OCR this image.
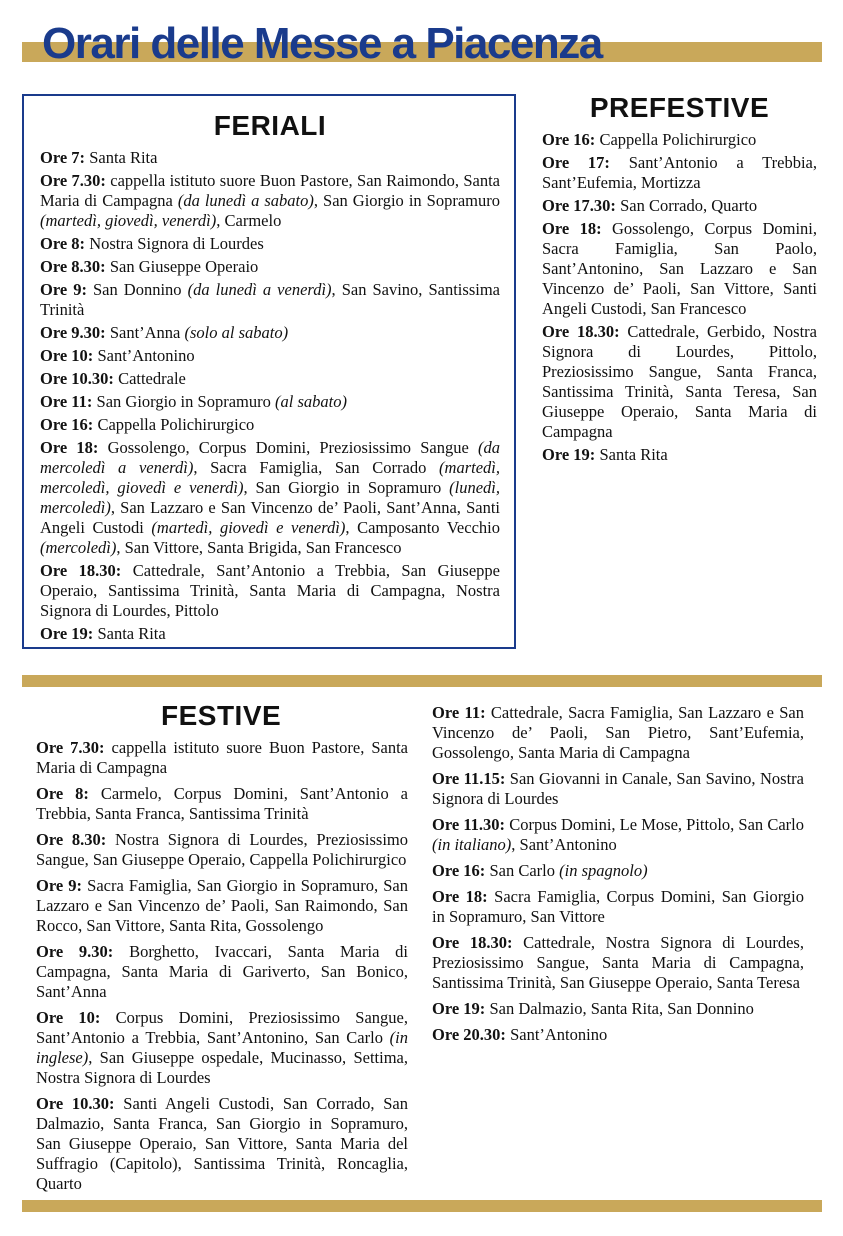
Orari delle Messe a Piacenza
FERIALI

Ore 7: Santa Rita

Ore 7.30: cappella istituto suore Buon Pastore, San Raimondo, Santa Maria di Campagna (da lunedì a sabato), San Giorgio in Sopramuro (martedì, giovedì, venerdì), Carmelo

Ore 8: Nostra Signora di Lourdes

Ore 8.30: San Giuseppe Operaio

Ore 9: San Donnino (da lunedì a venerdì), San Savino, Santissima Trinità

Ore 9.30: Sant’Anna (solo al sabato)

Ore 10: Sant’Antonino

Ore 10.30: Cattedrale

Ore 11: San Giorgio in Sopramuro (al sabato)

Ore 16: Cappella Polichirurgico

Ore 18: Gossolengo, Corpus Domini, Preziosissimo Sangue (da mercoledì a venerdì), Sacra Famiglia, San Corrado (martedì, mercoledì, giovedì e venerdì), San Giorgio in Sopramuro (lunedì, mercoledì), San Lazzaro e San Vincenzo de’ Paoli, Sant’Anna, Santi Angeli Custodi (martedì, giovedì e venerdì), Camposanto Vecchio (mercoledì), San Vittore, Santa Brigida, San Francesco

Ore 18.30: Cattedrale, Sant’Antonio a Trebbia, San Giuseppe Operaio, Santissima Trinità, Santa Maria di Campagna, Nostra Signora di Lourdes, Pittolo

Ore 19: Santa Rita

PREFESTIVE

Ore 16: Cappella Polichirurgico

Ore 17: Sant’Antonio a Trebbia, Sant’Eufemia, Mortizza

Ore 17.30: San Corrado, Quarto

Ore 18: Gossolengo, Corpus Domini, Sacra Famiglia, San Paolo, Sant’Antonino, San Lazzaro e San Vincenzo de’ Paoli, San Vittore, Santi Angeli Custodi, San Francesco

Ore 18.30: Cattedrale, Gerbido, Nostra Signora di Lourdes, Pittolo, Preziosissimo Sangue, Santa Franca, Santissima Trinità, Santa Teresa, San Giuseppe Operaio, Santa Maria di Campagna

Ore 19: Santa Rita

FESTIVE

Ore 7.30: cappella istituto suore Buon Pastore, Santa Maria di Campagna

Ore 8: Carmelo, Corpus Domini, Sant’Antonio a Trebbia, Santa Franca, Santissima Trinità

Ore 8.30: Nostra Signora di Lourdes, Preziosissimo Sangue, San Giuseppe Operaio, Cappella Polichirurgico

Ore 9: Sacra Famiglia, San Giorgio in Sopramuro, San Lazzaro e San Vincenzo de’ Paoli, San Raimondo, San Rocco, San Vittore, Santa Rita, Gossolengo

Ore 9.30: Borghetto, Ivaccari, Santa Maria di Campagna, Santa Maria di Gariverto, San Bonico, Sant’Anna

Ore 10: Corpus Domini, Preziosissimo Sangue, Sant’Antonio a Trebbia, Sant’Antonino, San Carlo (in inglese), San Giuseppe ospedale, Mucinasso, Settima, Nostra Signora di Lourdes

Ore 10.30: Santi Angeli Custodi, San Corrado, San Dalmazio, Santa Franca, San Giorgio in Sopramuro, San Giuseppe Operaio, San Vittore, Santa Maria del Suffragio (Capitolo), Santissima Trinità, Roncaglia, Quarto

Ore 11: Cattedrale, Sacra Famiglia, San Lazzaro e San Vincenzo de’ Paoli, San Pietro, Sant’Eufemia, Gossolengo, Santa Maria di Campagna

Ore 11.15: San Giovanni in Canale, San Savino, Nostra Signora di Lourdes

Ore 11.30: Corpus Domini, Le Mose, Pittolo, San Carlo (in italiano), Sant’Antonino

Ore 16: San Carlo (in spagnolo)

Ore 18: Sacra Famiglia, Corpus Domini, San Giorgio in Sopramuro, San Vittore

Ore 18.30: Cattedrale, Nostra Signora di Lourdes, Preziosissimo Sangue, Santa Maria di Campagna, Santissima Trinità, San Giuseppe Operaio, Santa Teresa

Ore 19: San Dalmazio, Santa Rita, San Donnino

Ore 20.30: Sant’Antonino
